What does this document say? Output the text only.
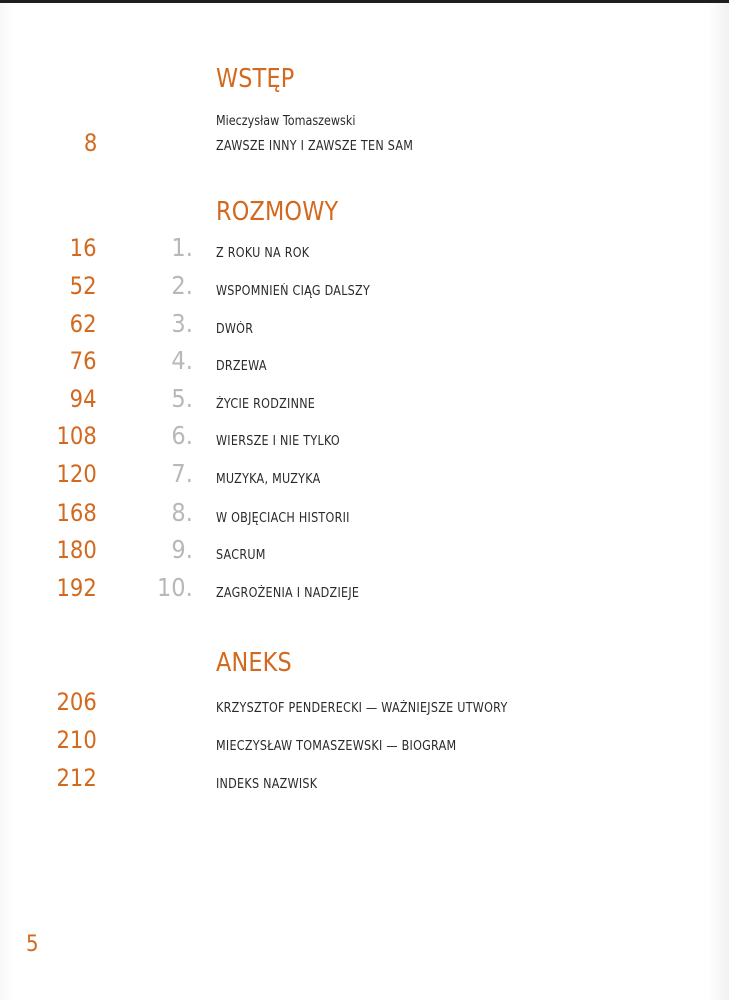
WSTĘP
Mieczysław Tomaszewski
8	ZAWSZE INNY I ZAWSZE TEN SAM
ROZMOWY
16	1. Z ROKU NA ROK
52	2. WSPOMNIEŃ CIĄG DALSZY
62	3. DWÓR
76	4. DRZEWA
94	5. ŻYCIE RODZINNE
108	6. WIERSZE I NIE TYLKO
120	7. MUZYKA, MUZYKA
168	8. W OBJĘCIACH HISTORII
180	9. SACRUM
192 10. ZAGROŻENIA I NADZIEJE
ANEKS
206	KRZYSZTOF PENDERECKI — WAŻNIEJSZE UTWORY
210	MIECZYSŁAW TOMASZEWSKI — BIOGRAM
212	INDEKS NAZWISK
5
